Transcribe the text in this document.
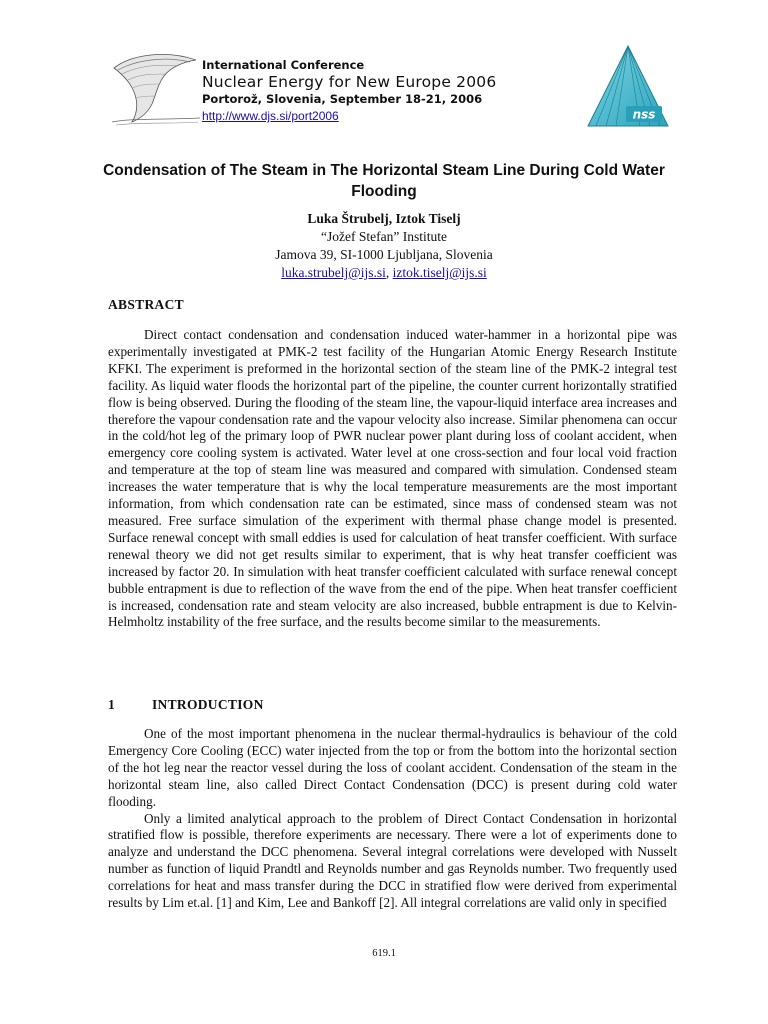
International Conference
Nuclear Energy for New Europe 2006
Portorož, Slovenia, September 18-21, 2006
http://www.djs.si/port2006	nss
Condensation of The Steam in The Horizontal Steam Line During Cold Water Flooding
Luka Štrubelj, Iztok Tiselj
“Jožef Stefan” Institute
Jamova 39, SI-1000 Ljubljana, Slovenia
luka.strubelj@ijs.si, iztok.tiselj@ijs.si
ABSTRACT

Direct contact condensation and condensation induced water-hammer in a horizontal pipe was experimentally investigated at PMK-2 test facility of the Hungarian Atomic Energy Research Institute KFKI. The experiment is preformed in the horizontal section of the steam line of the PMK-2 integral test facility. As liquid water floods the horizontal part of the pipeline, the counter current horizontally stratified flow is being observed. During the flooding of the steam line, the vapour-liquid interface area increases and therefore the vapour condensation rate and the vapour velocity also increase. Similar phenomena can occur in the cold/hot leg of the primary loop of PWR nuclear power plant during loss of coolant accident, when emergency core cooling system is activated. Water level at one cross-section and four local void fraction and temperature at the top of steam line was measured and compared with simulation. Condensed steam increases the water temperature that is why the local temperature measurements are the most important information, from which condensation rate can be estimated, since mass of condensed steam was not measured. Free surface simulation of the experiment with thermal phase change model is presented. Surface renewal concept with small eddies is used for calculation of heat transfer coefficient. With surface renewal theory we did not get results similar to experiment, that is why heat transfer coefficient was increased by factor 20. In simulation with heat transfer coefficient calculated with surface renewal concept bubble entrapment is due to reflection of the wave from the end of the pipe. When heat transfer coefficient is increased, condensation rate and steam velocity are also increased, bubble entrapment is due to Kelvin-Helmholtz instability of the free surface, and the results become similar to the measurements.

1	INTRODUCTION

One of the most important phenomena in the nuclear thermal-hydraulics is behaviour of the cold Emergency Core Cooling (ECC) water injected from the top or from the bottom into the horizontal section of the hot leg near the reactor vessel during the loss of coolant accident. Condensation of the steam in the horizontal steam line, also called Direct Contact Condensation (DCC) is present during cold water flooding.

Only a limited analytical approach to the problem of Direct Contact Condensation in horizontal stratified flow is possible, therefore experiments are necessary. There were a lot of experiments done to analyze and understand the DCC phenomena. Several integral correlations were developed with Nusselt number as function of liquid Prandtl and Reynolds number and gas Reynolds number. Two frequently used correlations for heat and mass transfer during the DCC in stratified flow were derived from experimental results by Lim et.al. [1] and Kim, Lee and Bankoff [2]. All integral correlations are valid only in specified

619.1
